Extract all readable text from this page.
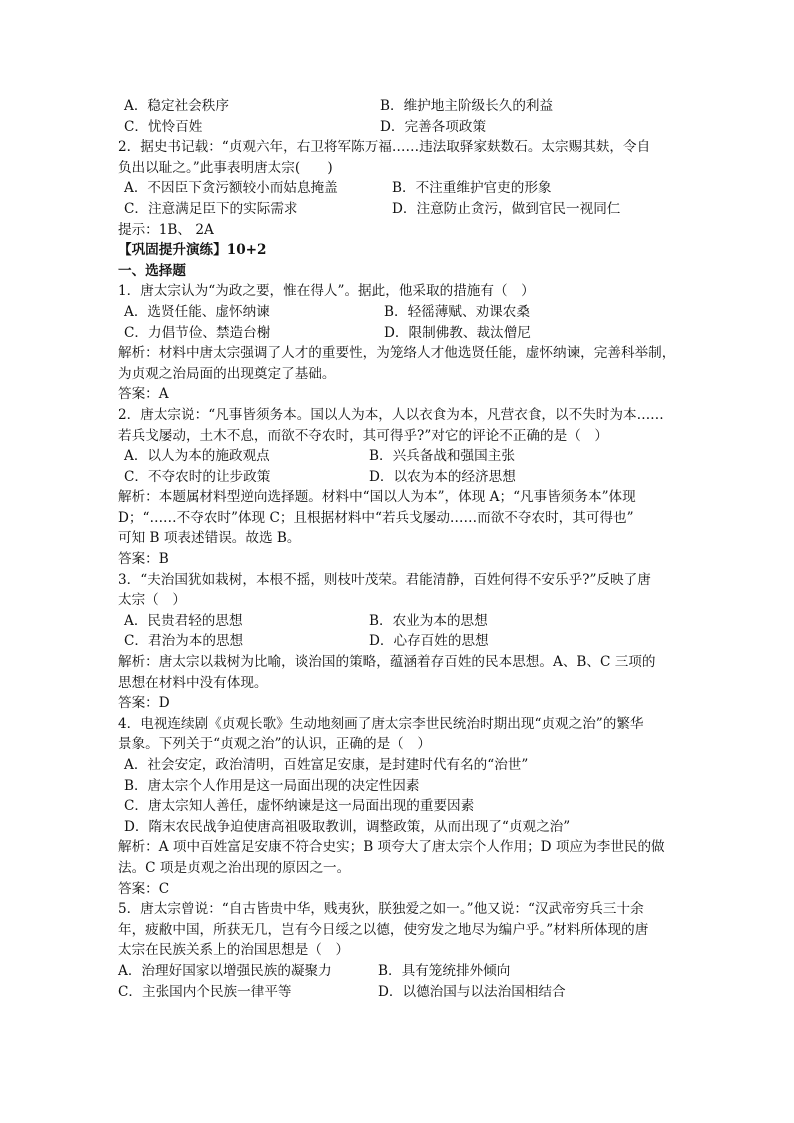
A．稳定社会秩序	B．维护地主阶级长久的利益
C．忧怜百姓	D．完善各项政策
2．据史书记载：“贞观六年，右卫将军陈万福……违法取驿家麸数石。太宗赐其麸，令自
负出以耻之。”此事表明唐太宗(　　)
A．不因臣下贪污额较小而姑息掩盖	B．不注重维护官吏的形象
C．注意满足臣下的实际需求	D．注意防止贪污，做到官民一视同仁
提示：1B、 2A
【巩固提升演练】10+2
一、选择题
1．唐太宗认为“为政之要，惟在得人”。据此，他采取的措施有（　）
A．选贤任能、虚怀纳谏	B．轻徭薄赋、劝课农桑
C．力倡节俭、禁造台榭	D．限制佛教、裁汰僧尼
解析：材料中唐太宗强调了人才的重要性，为笼络人才他选贤任能，虚怀纳谏，完善科举制，
为贞观之治局面的出现奠定了基础。
答案：A
2．唐太宗说：“凡事皆须务本。国以人为本，人以衣食为本，凡营衣食，以不失时为本……
若兵戈屡动，土木不息，而欲不夺农时，其可得乎?”对它的评论不正确的是（　）
A．以人为本的施政观点	B．兴兵备战和强国主张
C．不夺农时的让步政策	D．以农为本的经济思想
解析：本题属材料型逆向选择题。材料中“国以人为本”，体现 A；“凡事皆须务本”体现
D；“……不夺农时”体现 C；且根据材料中“若兵戈屡动……而欲不夺农时，其可得也”
可知 B 项表述错误。故选 B。
答案：B
3．“夫治国犹如栽树，本根不摇，则枝叶茂荣。君能清静，百姓何得不安乐乎?”反映了唐
太宗（　）
A．民贵君轻的思想	B．农业为本的思想
C．君治为本的思想	D．心存百姓的思想
解析：唐太宗以栽树为比喻，谈治国的策略，蕴涵着存百姓的民本思想。A、B、C 三项的
思想在材料中没有体现。
答案：D
4．电视连续剧《贞观长歌》生动地刻画了唐太宗李世民统治时期出现“贞观之治”的繁华
景象。下列关于“贞观之治”的认识，正确的是（　）
A．社会安定，政治清明，百姓富足安康，是封建时代有名的“治世”
B．唐太宗个人作用是这一局面出现的决定性因素
C．唐太宗知人善任，虚怀纳谏是这一局面出现的重要因素
D．隋末农民战争迫使唐高祖吸取教训，调整政策，从而出现了“贞观之治”
解析：A 项中百姓富足安康不符合史实；B 项夸大了唐太宗个人作用；D 项应为李世民的做
法。C 项是贞观之治出现的原因之一。
答案：C
5．唐太宗曾说：“自古皆贵中华，贱夷狄，朕独爱之如一。”他又说：“汉武帝穷兵三十余
年，疲敝中国，所获无几，岂有今日绥之以德，使穷发之地尽为编户乎。”材料所体现的唐
太宗在民族关系上的治国思想是（　）
A．治理好国家以增强民族的凝聚力	B．具有笼统排外倾向
C．主张国内个民族一律平等	D．以德治国与以法治国相结合
